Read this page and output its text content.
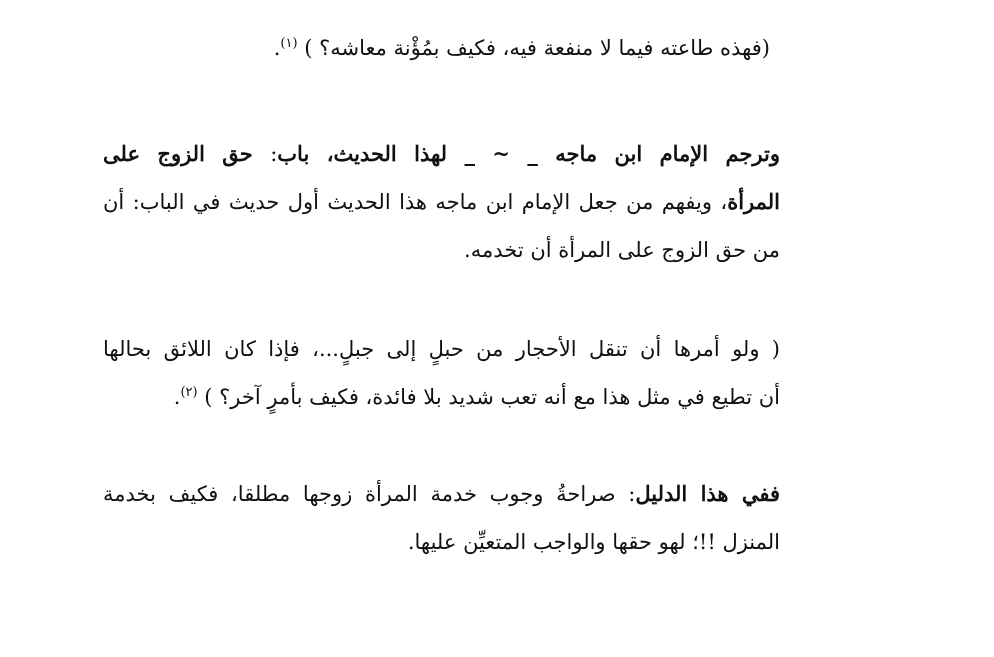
(فهذه طاعته فيما لا منفعة فيه، فكيف بمُؤْنة معاشه؟ ) $^{(١)}$.
وترجم الإمام ابن ماجه _ ~ _ لهذا الحديث، باب: حق الزوج على
المرأة، ويفهم من جعل الإمام ابن ماجه هذا الحديث أول حديث في الباب: أن
من حق الزوج على المرأة أن تخدمه.
( ولو أمرها أن تنقل الأحجار من حبلٍ إلى جبلٍ...، فإذا كان اللائق بحالها
أن تطيع في مثل هذا مع أنه تعب شديد بلا فائدة، فكيف بأمرٍ آخر؟ ) $^{(٢)}$.
ففي هذا الدليل: صراحةُ وجوب خدمة المرأة زوجها مطلقا، فكيف بخدمة
المنزل !!؛ لهو حقها والواجب المتعيِّن عليها.
